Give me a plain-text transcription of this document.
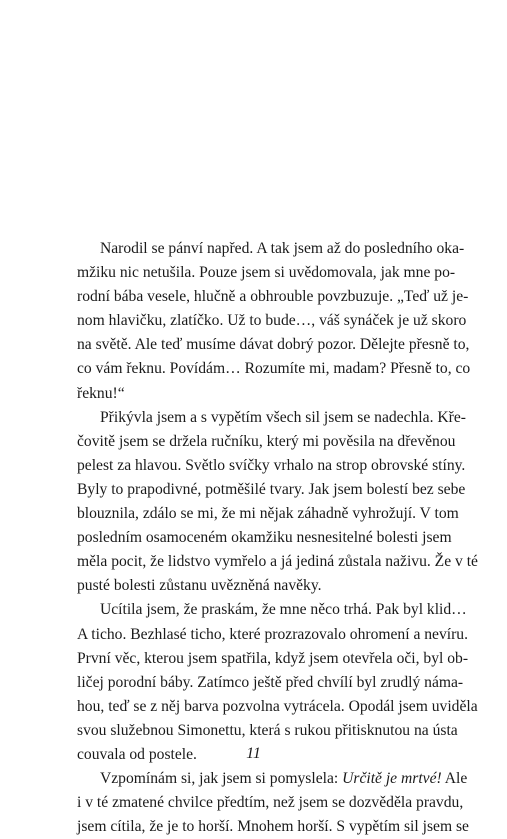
Narodil se pánví napřed. A tak jsem až do posledního oka-
mžiku nic netušila. Pouze jsem si uvědomovala, jak mne po-
rodní bába vesele, hlučně a obhrouble povzbuzuje. „Teď už je-
nom hlavičku, zlatíčko. Už to bude…, váš synáček je už skoro
na světě. Ale teď musíme dávat dobrý pozor. Dělejte přesně to,
co vám řeknu. Povídám… Rozumíte mi, madam? Přesně to, co
řeknu!“
Přikývla jsem a s vypětím všech sil jsem se nadechla. Kře-
čovitě jsem se držela ručníku, který mi pověsila na dřevěnou
pelest za hlavou. Světlo svíčky vrhalo na strop obrovské stíny.
Byly to prapodivné, potměšilé tvary. Jak jsem bolestí bez sebe
blouznila, zdálo se mi, že mi nějak záhadně vyhrožují. V tom
posledním osamoceném okamžiku nesnesitelné bolesti jsem
měla pocit, že lidstvo vymřelo a já jediná zůstala naživu. Že v té
pusté bolesti zůstanu uvězněná navěky.
Ucítila jsem, že praskám, že mne něco trhá. Pak byl klid…
A ticho. Bezhlasé ticho, které prozrazovalo ohromení a nevíru.
První věc, kterou jsem spatřila, když jsem otevřela oči, byl ob-
ličej porodní báby. Zatímco ještě před chvílí byl zrudlý náma-
hou, teď se z něj barva pozvolna vytrácela. Opodál jsem uviděla
svou služebnou Simonettu, která s rukou přitisknutou na ústa
couvala od postele.
Vzpomínám si, jak jsem si pomyslela: Určitě je mrtvé! Ale
i v té zmatené chvilce předtím, než jsem se dozvěděla pravdu,
jsem cítila, že je to horší. Mnohem horší. S vypětím sil jsem se
11
